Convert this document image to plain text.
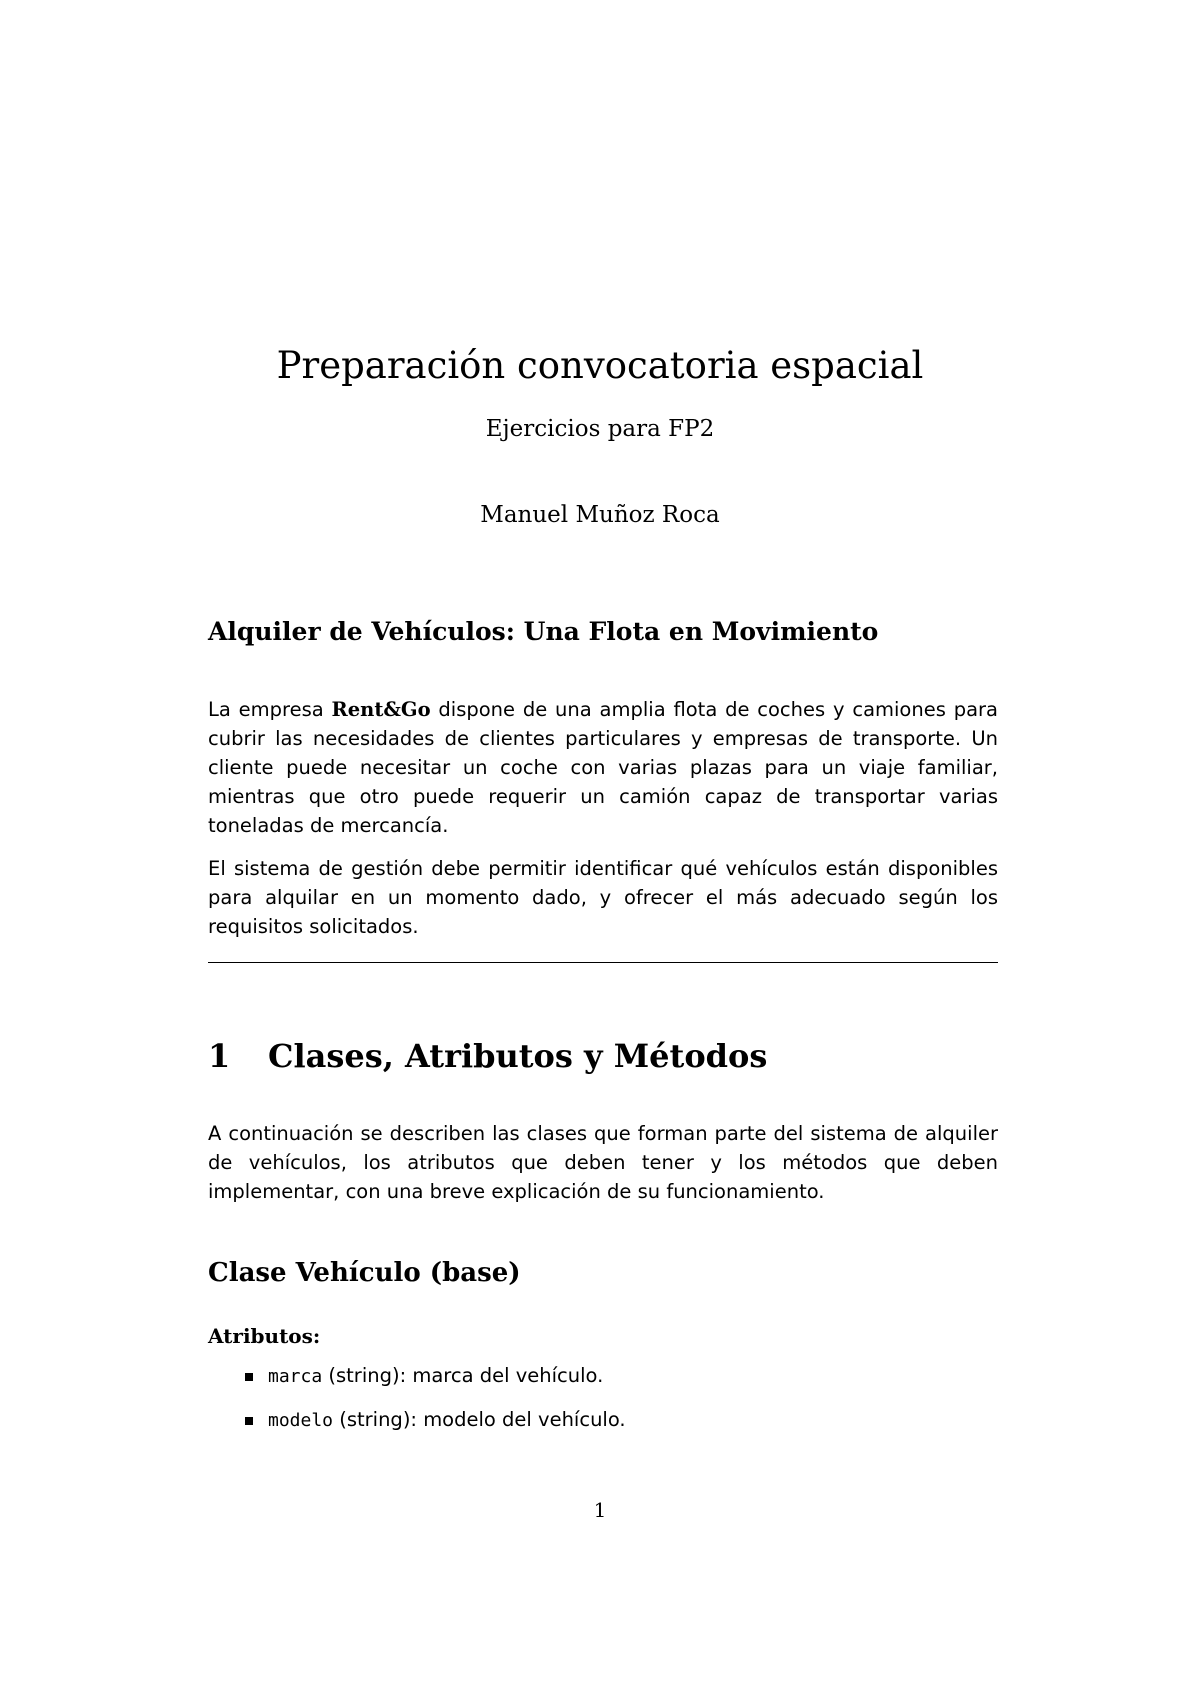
Preparación convocatoria espacial
Ejercicios para FP2
Manuel Muñoz Roca
Alquiler de Vehículos: Una Flota en Movimiento

La empresa Rent&Go dispone de una amplia flota de coches y camiones para cubrir las necesidades de clientes particulares y empresas de transporte. Un cliente puede necesitar un coche con varias plazas para un viaje familiar, mientras que otro puede requerir un camión capaz de transportar varias toneladas de mercancía.

El sistema de gestión debe permitir identificar qué vehículos están disponibles para alquilar en un momento dado, y ofrecer el más adecuado según los requisitos solicitados.

1 Clases, Atributos y Métodos

A continuación se describen las clases que forman parte del sistema de alquiler de vehículos, los atributos que deben tener y los métodos que deben implementar, con una breve explicación de su funcionamiento.

Clase Vehículo (base)
Atributos:
marca (string): marca del vehículo.
modelo (string): modelo del vehículo.
1
